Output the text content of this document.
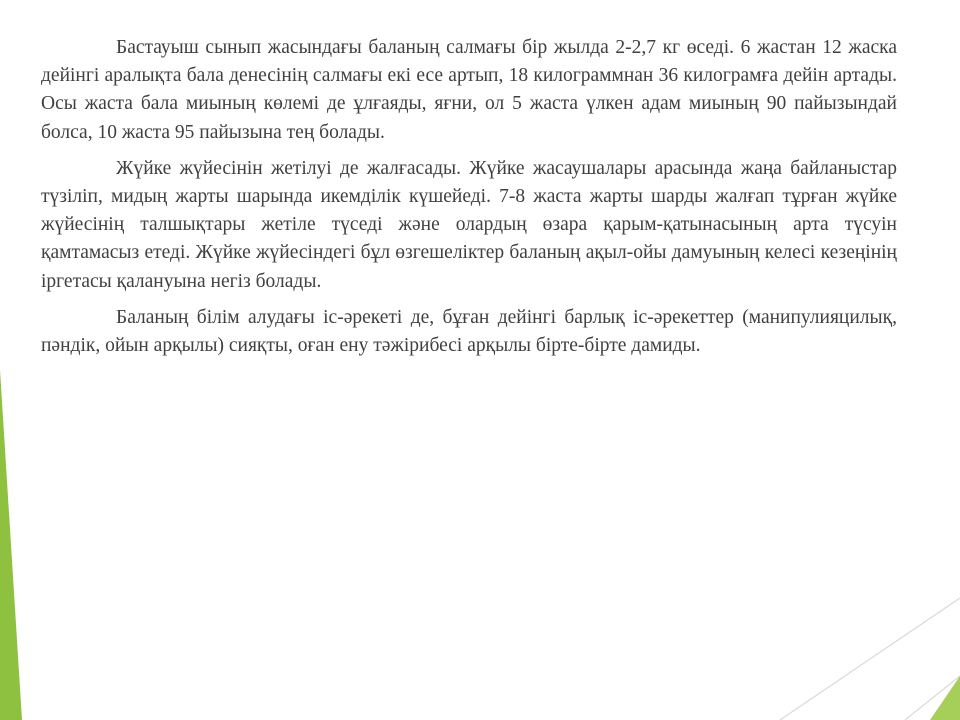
Бастауыш сынып жасындағы баланың салмағы бір жылда 2-2,7 кг өседі. 6 жастан 12 жаска дейінгі аралықта бала денесінің салмағы екі есе артып, 18 килограммнан 36 килограмға дейін артады. Осы жаста бала миының көлемі де ұлғаяды, яғни, ол 5 жаста үлкен адам миының 90 пайызындай болса, 10 жаста 95 пайызына тең болады.

Жүйке жүйесінін жетілуі де жалғасады. Жүйке жасаушалары арасында жаңа байланыстар түзіліп, мидың жарты шарында икемділік күшейеді. 7-8 жаста жарты шарды жалғап тұрған жүйке жүйесінің талшықтары жетіле түседі және олардың өзара қарым-қатынасының арта түсуін қамтамасыз етеді. Жүйке жүйесіндегі бұл өзгешеліктер баланың ақыл-ойы дамуының келесі кезеңінің іргетасы қалануына негіз болады.

Баланың білім алудағы іс-әрекеті де, бұған дейінгі барлық іс-әрекеттер (манипулияцилық, пәндік, ойын арқылы) сияқты, оған ену тәжірибесі арқылы бірте-бірте дамиды.
